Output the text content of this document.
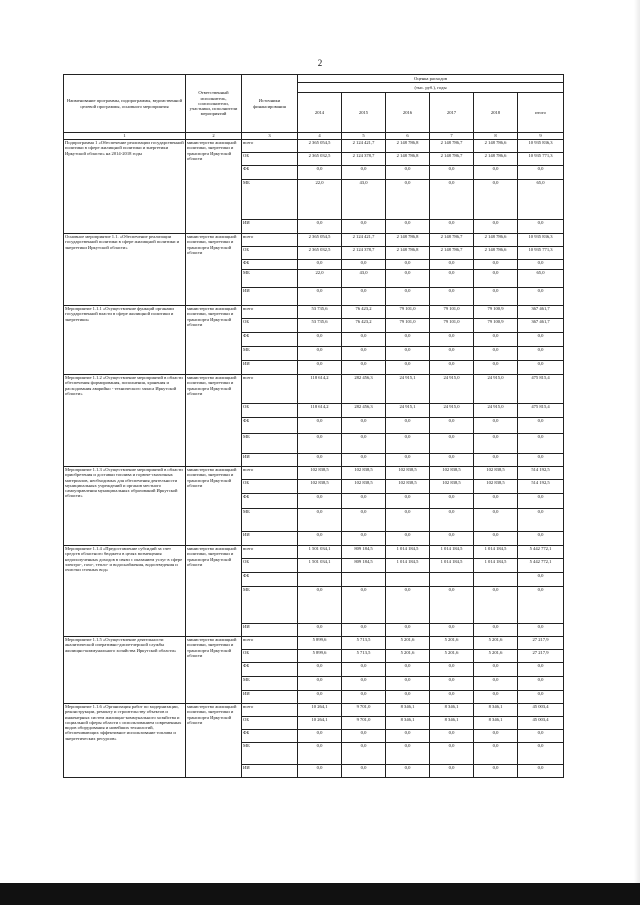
2
Наименование программы, подпрограммы, ведомственной целевой программы, основного мероприятия	Ответственный исполнитель, соисполнители, участники, исполнители мероприятий	Источники финансирования	Оценка расходов					
			(тыс. руб.), годы					
			2014	2015	2016	2017	2018	итого
1	2	3	4	5	6	7	8	9
Подпрограмма 1 «Обеспечение реализации государственной политики в сфере жилищной политики и энергетики Иркутской области» на 2014-2018 годы	министерство жилищной политики, энергетики и транспорта Иркутской области	всего	2 365 054,5	2 124 421,7	2 148 786,8	2 148 786,7	2 148 786,6	10 935 836,3
		ОБ	2 365 032,5	2 124 378,7	2 148 786,8	2 148 786,7	2 148 786,6	10 935 771,3
		ФБ	0,0	0,0	0,0	0,0	0,0	0,0
		МБ	22,0	43,0	0,0	0,0	0,0	65,0
		ИИ	0,0	0,0	0,0	0,0	0,0	0,0
Основное мероприятие 1.1. «Обеспечение реализации государственной политики в сфере жилищной политики и энергетики Иркутской области»	министерство жилищной политики, энергетики и транспорта Иркутской области	всего	2 365 054,5	2 124 421,7	2 148 786,8	2 148 786,7	2 148 786,6	10 935 836,3
		ОБ	2 365 032,5	2 124 378,7	2 148 786,8	2 148 786,7	2 148 786,6	10 935 771,3
		ФБ	0,0	0,0	0,0	0,0	0,0	0,0
		МБ	22,0	43,0	0,0	0,0	0,0	65,0
		ИИ	0,0	0,0	0,0	0,0	0,0	0,0
Мероприятие 1.1.1 «Осуществление функций органами государственной власти в сфере жилищной политики и энергетики»	министерство жилищной политики, энергетики и транспорта Иркутской области	всего	53 735,6	76 423,2	79 101,0	79 101,0	79 100,9	367 461,7
		ОБ	53 735,6	76 423,2	79 101,0	79 101,0	79 100,9	367 461,7
		ФБ	0,0	0,0	0,0	0,0	0,0	0,0
		МБ	0,0	0,0	0,0	0,0	0,0	0,0
		ИИ	0,0	0,0	0,0	0,0	0,0	0,0
Мероприятие 1.1.2 «Осуществление мероприятий в области обеспечения формирования, пополнения, хранения и расходования аварийно - технического запаса Иркутской области»	министерство жилищной политики, энергетики и транспорта Иркутской области	всего	118 614,2	282 456,3	24 915,1	24 915,0	24 915,0	475 815,4
		ОБ	118 614,2	282 456,3	24 915,1	24 915,0	24 915,0	475 815,4
		ФБ	0,0	0,0	0,0	0,0	0,0	0,0
		МБ	0,0	0,0	0,0	0,0	0,0	0,0
		ИИ	0,0	0,0	0,0	0,0	0,0	0,0
Мероприятие 1.1.3 «Осуществление мероприятий в области приобретения и доставки топлива и горюче-смазочных материалов, необходимых для обеспечения деятельности муниципальных учреждений и органов местного самоуправления муниципальных образований Иркутской области»	министерство жилищной политики, энергетики и транспорта Иркутской области	всего	102 838,5	102 838,5	102 838,5	102 838,5	102 838,5	514 192,5
		ОБ	102 838,5	102 838,5	102 838,5	102 838,5	102 838,5	514 192,5
		ФБ	0,0	0,0	0,0	0,0	0,0	0,0
		МБ	0,0	0,0	0,0	0,0	0,0	0,0
		ИИ	0,0	0,0	0,0	0,0	0,0	0,0
Мероприятие 1.1.4 «Предоставление субсидий за счет средств областного бюджета в целях возмещения недополученных доходов в связи с оказанием услуг в сфере электро-, газо-, тепло- и водоснабжения, водоотведения и очистки сточных вод»	министерство жилищной политики, энергетики и транспорта Иркутской области	всего	1 501 034,1	809 184,5	1 014 184,5	1 014 184,5	1 014 184,5	5 442 772,1
		ОБ	1 501 034,1	809 184,5	1 014 184,5	1 014 184,5	1 014 184,5	5 442 772,1
		ФБ						0,0
		МБ	0,0	0,0	0,0	0,0	0,0	0,0
		ИИ	0,0	0,0	0,0	0,0	0,0	0,0
Мероприятие 1.1.5 «Осуществление деятельности аналитической оперативно-диспетчерской службы жилищно-коммунального хозяйства Иркутской области»	министерство жилищной политики, энергетики и транспорта Иркутской области	всего	5 899,6	5 713,5	5 201,6	5 201,6	5 201,6	27 217,9
		ОБ	5 899,6	5 713,5	5 201,6	5 201,6	5 201,6	27 217,9
		ФБ	0,0	0,0	0,0	0,0	0,0	0,0
		МБ	0,0	0,0	0,0	0,0	0,0	0,0
		ИИ	0,0	0,0	0,0	0,0	0,0	0,0
Мероприятие 1.1.6 «Организация работ по модернизации, реконструкции, ремонту и строительству объектов и инженерных систем жилищно-коммунального хозяйства и социальной сферы области с использованием современных видов оборудования и новейших технологий, обеспечивающих эффективное использование топлива и энергетических ресурсов»	министерство жилищной политики, энергетики и транспорта Иркутской области	всего	10 264,1	9 701,0	8 346,1	8 346,1	8 346,1	45 003,4
		ОБ	10 264,1	9 701,0	8 346,1	8 346,1	8 346,1	45 003,4
		ФБ	0,0	0,0	0,0	0,0	0,0	0,0
		МБ	0,0	0,0	0,0	0,0	0,0	0,0
		ИИ	0,0	0,0	0,0	0,0	0,0	0,0
